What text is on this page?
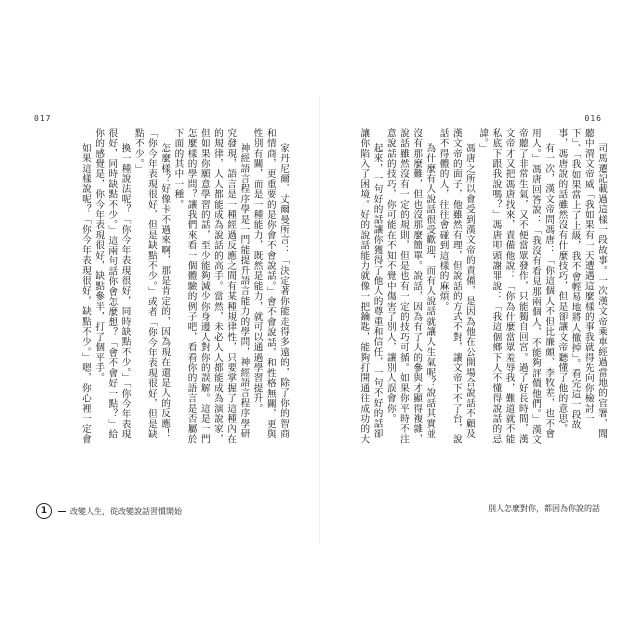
017

家丹尼爾．丈爾曼所言：「決定著你能走得多遠的，除了你的智商和情商，更重要的是你會不會說話。」會不會說話，和性格無關，更與性別有關，而是一種能力，既然是能力，就可以通過學習提升。

神經語言程序學是一門能提升語言能力的學問，神經語言程序學研究發現，語言是一種經過反應之間有某種規律性，只要掌握了這種內在的規律，人人都能成為說話的高手。當然，未必人人都能成為演說家，但如果你願意學習的話，至少能夠減少你身邊人對你的誤解。這是一門怎麼樣的學問？讓我們來看一個體驗的例子吧，看看你的語言是否屬於下面的其中一種。

怎麼樣？好像卡不過來啊，那是肯定的，因為現在還是人的反應！「你今年表現很好，但是缺點不少。」或者「你今年表現很好，但是缺點不少。」

換一種說法呢？「你今年表現很好，同時缺點不少。」「你今年表現很好，同時缺點不少。」這兩句話你會怎麼想？「會不會好一點？」給你的感覺是，你今年表現很好，缺點參半，打了個平手。

如果這樣說呢？「你今年表現很好，缺點不少。」嗯，你心裡一定會

1	改變人生，從改變說話習慣開始
016

司馬遷記載過這樣一段故事。一次漢文帝乘車經過當地的官署，聞聽中渭文帝威「我如果有一天遭遇這麼樣的事我就得先向你檢討一下」、「我如果當上了上級，我不會輕易地將人撤掉」。看完這一段故事，馮唐說的話雖然沒有什麼技巧，但是卻讓文帝聽懂了他的意思。

有一次，漢文帝問馮唐：「你這個人不但比廉頗、李牧差，也不會用人。」馮唐回答說：「我沒有看見那兩個人，不能夠評價他們。」漢文帝聽了非常生氣，又不便當眾發作，只能獨自回宮。過了好長時間，漢文帝才又把馮唐找來，責備他說：「你為什麼當眾羞辱我，難道就不能私底下跟我說嗎？」馮唐叩頭謝罪說：「我這個鄉下人不懂得說話的忌諱。」

馮唐之所以會受到漢文帝的責備，是因為他在公開場合說話不顧及漢文帝的面子，他雖然有理，但說話的方式不對，讓文帝下不了台，說話不得體的人，往往會碰到這樣的麻煩。

為什麼有人說話很受歡迎，而有人說話就讓人生氣呢？說話其實並沒有那麼難，但也沒那麼簡單。說話，因為有了人的參與才顯得複雜，說話雖然沒有一定的規則，但是也有一定的技巧可循。如果你平時不注意說話的技巧，你可能在不知不覺中傷害了別人，讓別人誤會你。

起來，一句好的話讓你獲得了他人的尊重和信任，一句不好的話卻讓你陷入了困境。好的說話能力就像一把鑰匙，能夠打開通往成功的大

別人怎麼對你，都因為你說的話
